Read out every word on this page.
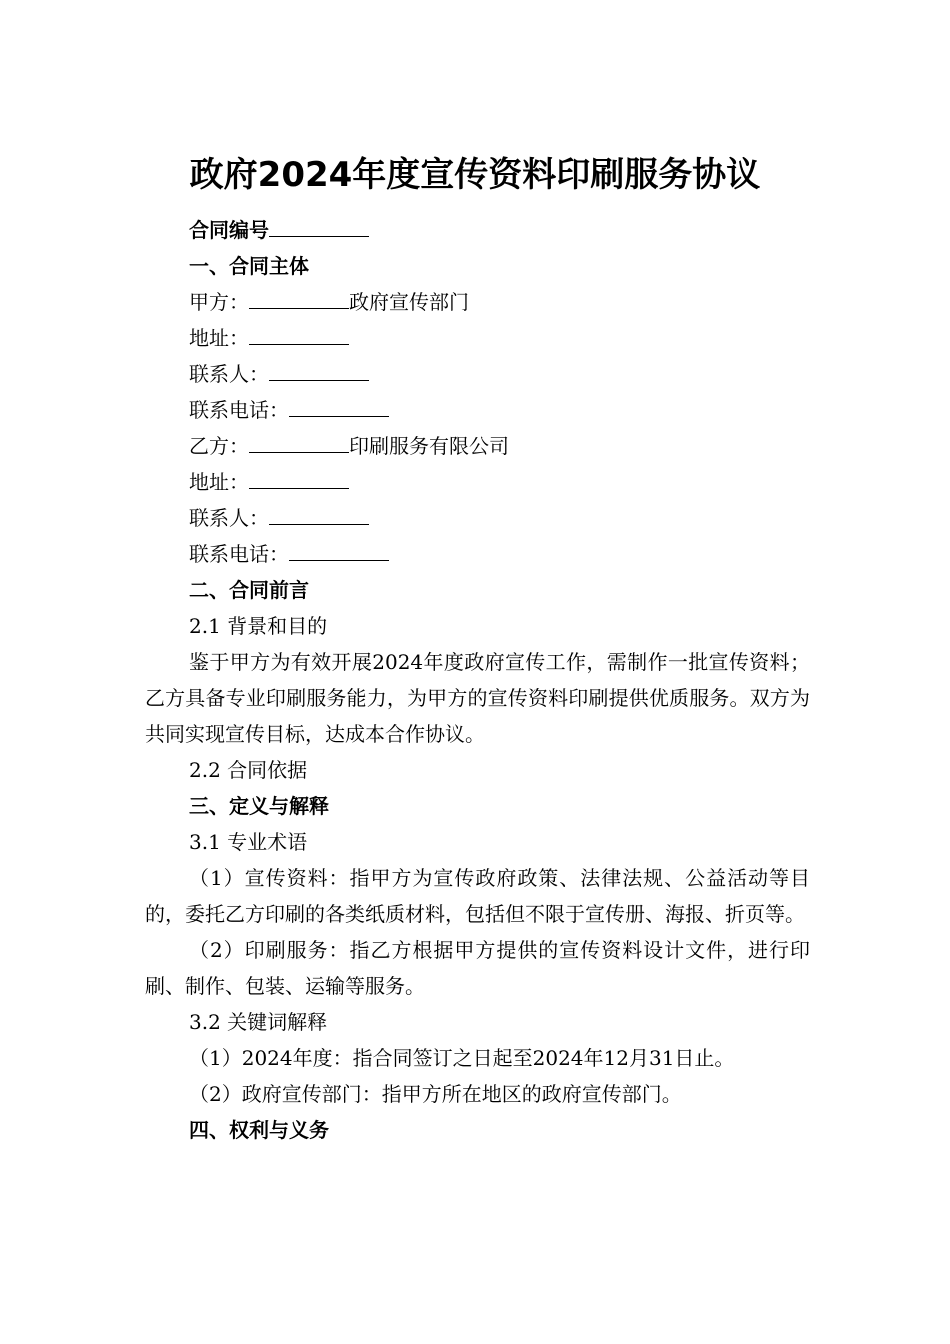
政府2024年度宣传资料印刷服务协议
合同编号
一、合同主体
甲方：	政府宣传部门
地址：
联系人：
联系电话：
乙方：	印刷服务有限公司
地址：
联系人：
联系电话：
二、合同前言
2.1 背景和目的
鉴于甲方为有效开展2024年度政府宣传工作，需制作一批宣传资料；乙方具备专业印刷服务能力，为甲方的宣传资料印刷提供优质服务。双方为共同实现宣传目标，达成本合作协议。
2.2 合同依据
三、定义与解释
3.1 专业术语
（1）宣传资料：指甲方为宣传政府政策、法律法规、公益活动等目的，委托乙方印刷的各类纸质材料，包括但不限于宣传册、海报、折页等。
（2）印刷服务：指乙方根据甲方提供的宣传资料设计文件，进行印刷、制作、包装、运输等服务。
3.2 关键词解释
（1）2024年度：指合同签订之日起至2024年12月31日止。
（2）政府宣传部门：指甲方所在地区的政府宣传部门。
四、权利与义务
